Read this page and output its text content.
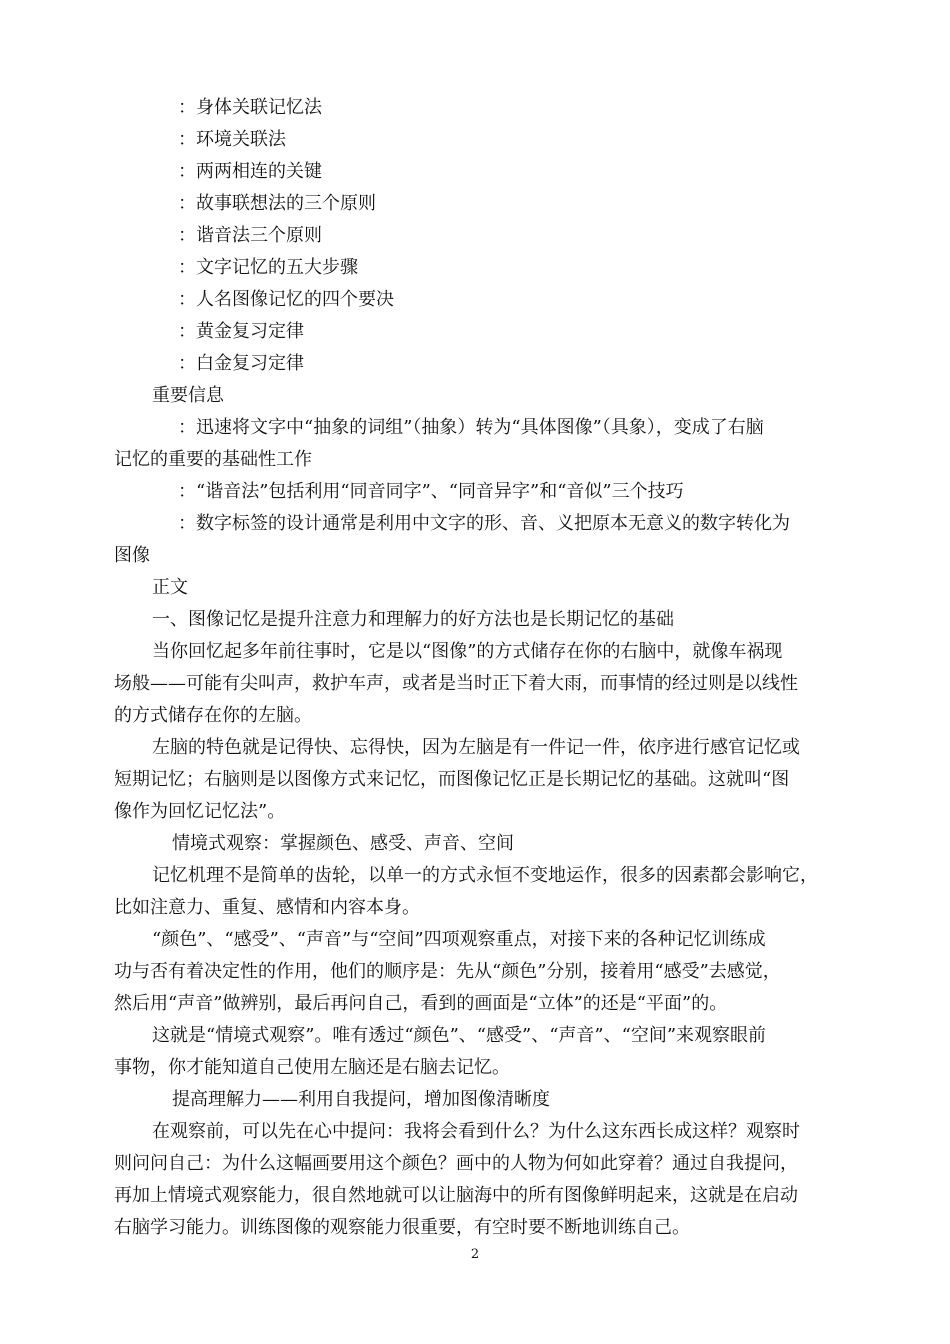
：身体关联记忆法
：环境关联法
：两两相连的关键
：故事联想法的三个原则
：谐音法三个原则
：文字记忆的五大步骤
：人名图像记忆的四个要决
：黄金复习定律
：白金复习定律
重要信息
：迅速将文字中“抽象的词组”（抽象）转为“具体图像”（具象），变成了右脑
记忆的重要的基础性工作
：“谐音法”包括利用“同音同字”、“同音异字”和“音似”三个技巧
：数字标签的设计通常是利用中文字的形、音、义把原本无意义的数字转化为
图像
正文
一、图像记忆是提升注意力和理解力的好方法也是长期记忆的基础
当你回忆起多年前往事时，它是以“图像”的方式储存在你的右脑中，就像车祸现
场般——可能有尖叫声，救护车声，或者是当时正下着大雨，而事情的经过则是以线性
的方式储存在你的左脑。
左脑的特色就是记得快、忘得快，因为左脑是有一件记一件，依序进行感官记忆或
短期记忆；右脑则是以图像方式来记忆，而图像记忆正是长期记忆的基础。这就叫“图
像作为回忆记忆法”。
情境式观察：掌握颜色、感受、声音、空间
记忆机理不是简单的齿轮，以单一的方式永恒不变地运作，很多的因素都会影响它，
比如注意力、重复、感情和内容本身。
“颜色”、“感受”、“声音”与“空间”四项观察重点，对接下来的各种记忆训练成
功与否有着决定性的作用，他们的顺序是：先从“颜色”分别，接着用“感受”去感觉，
然后用“声音”做辨别，最后再问自己，看到的画面是“立体”的还是“平面”的。
这就是“情境式观察”。唯有透过“颜色”、“感受”、“声音”、“空间”来观察眼前
事物，你才能知道自己使用左脑还是右脑去记忆。
提高理解力——利用自我提问，增加图像清晰度
在观察前，可以先在心中提问：我将会看到什么？为什么这东西长成这样？观察时
则问问自己：为什么这幅画要用这个颜色？画中的人物为何如此穿着？通过自我提问，
再加上情境式观察能力，很自然地就可以让脑海中的所有图像鲜明起来，这就是在启动
右脑学习能力。训练图像的观察能力很重要，有空时要不断地训练自己。
2
